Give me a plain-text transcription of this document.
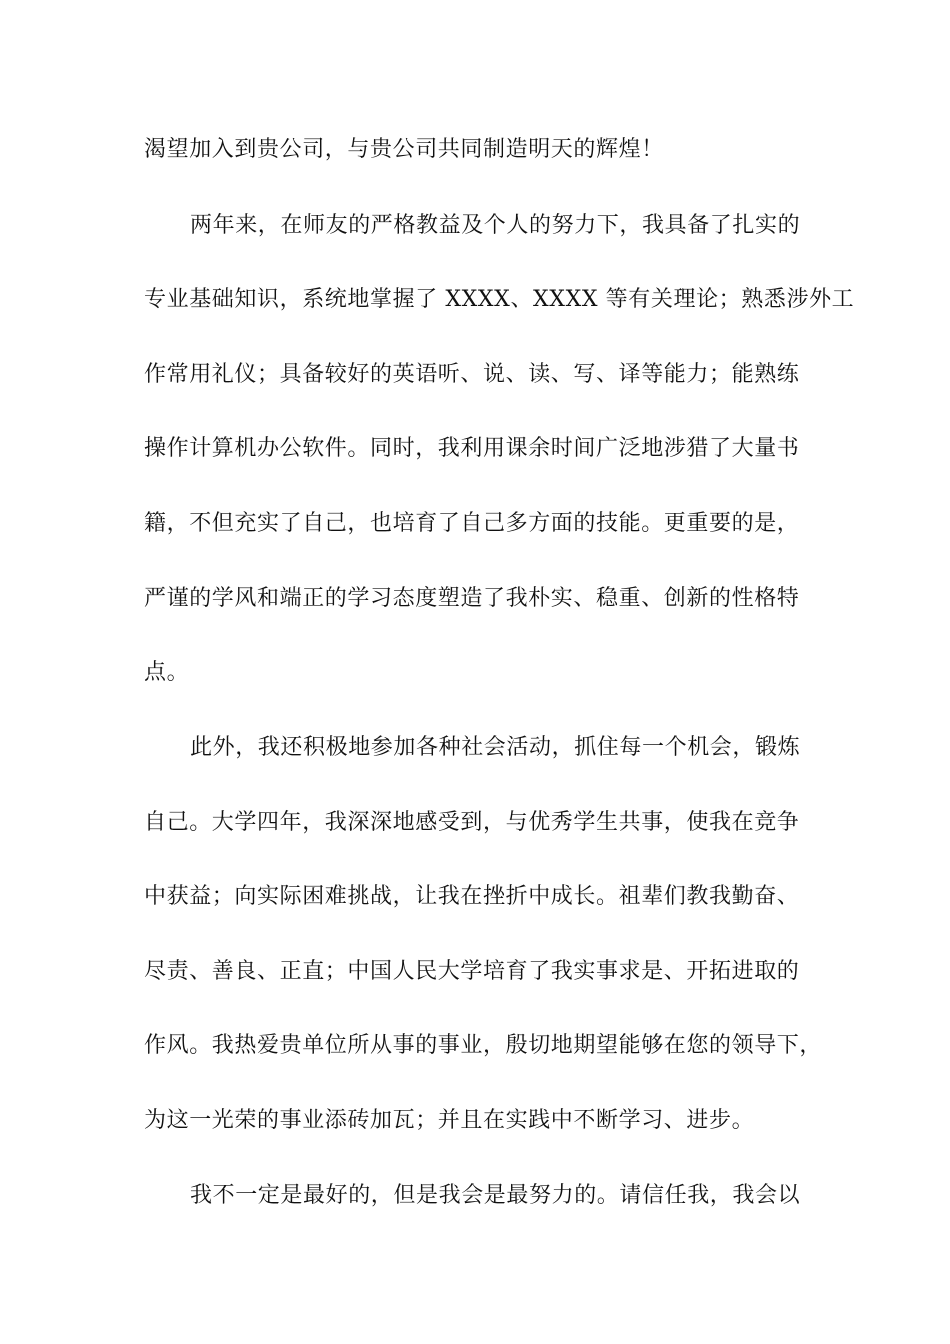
渴望加入到贵公司，与贵公司共同制造明天的辉煌！
两年来，在师友的严格教益及个人的努力下，我具备了扎实的
专业基础知识，系统地掌握了 XXXX、XXXX 等有关理论；熟悉涉外工
作常用礼仪；具备较好的英语听、说、读、写、译等能力；能熟练
操作计算机办公软件。同时，我利用课余时间广泛地涉猎了大量书
籍，不但充实了自己，也培育了自己多方面的技能。更重要的是，
严谨的学风和端正的学习态度塑造了我朴实、稳重、创新的性格特
点。
此外，我还积极地参加各种社会活动，抓住每一个机会，锻炼
自己。大学四年，我深深地感受到，与优秀学生共事，使我在竞争
中获益；向实际困难挑战，让我在挫折中成长。祖辈们教我勤奋、
尽责、善良、正直；中国人民大学培育了我实事求是、开拓进取的
作风。我热爱贵单位所从事的事业，殷切地期望能够在您的领导下，
为这一光荣的事业添砖加瓦；并且在实践中不断学习、进步。
我不一定是最好的，但是我会是最努力的。请信任我，我会以
